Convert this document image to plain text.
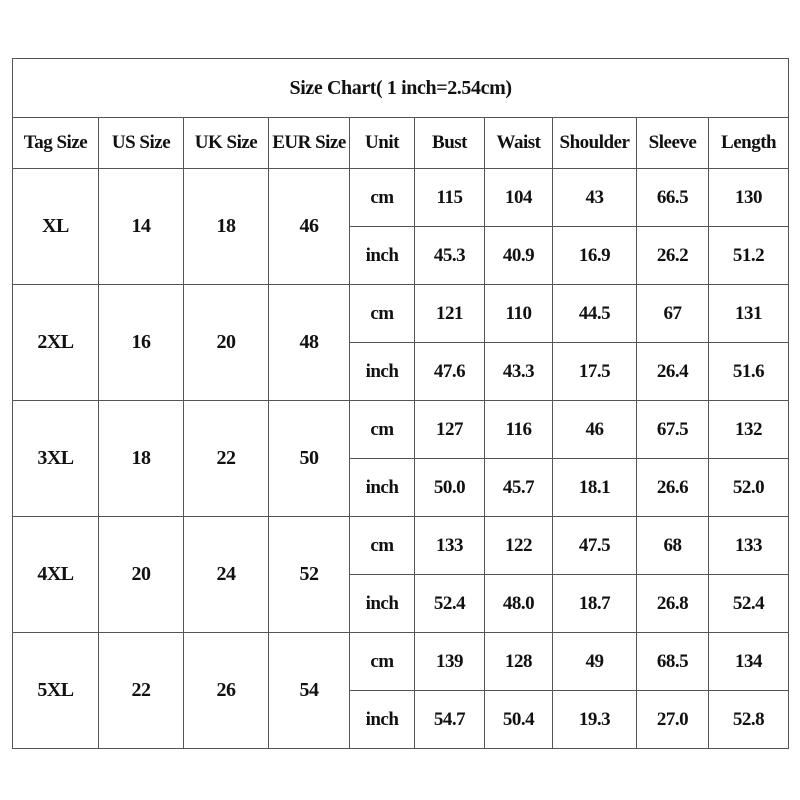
Size Chart( 1 inch=2.54cm)									
Tag Size	US Size	UK Size	EUR Size	Unit	Bust	Waist	Shoulder	Sleeve	Length
XL	14	18	46	cm	115	104	43	66.5	130
				inch	45.3	40.9	16.9	26.2	51.2
2XL	16	20	48	cm	121	110	44.5	67	131
				inch	47.6	43.3	17.5	26.4	51.6
3XL	18	22	50	cm	127	116	46	67.5	132
				inch	50.0	45.7	18.1	26.6	52.0
4XL	20	24	52	cm	133	122	47.5	68	133
				inch	52.4	48.0	18.7	26.8	52.4
5XL	22	26	54	cm	139	128	49	68.5	134
				inch	54.7	50.4	19.3	27.0	52.8
